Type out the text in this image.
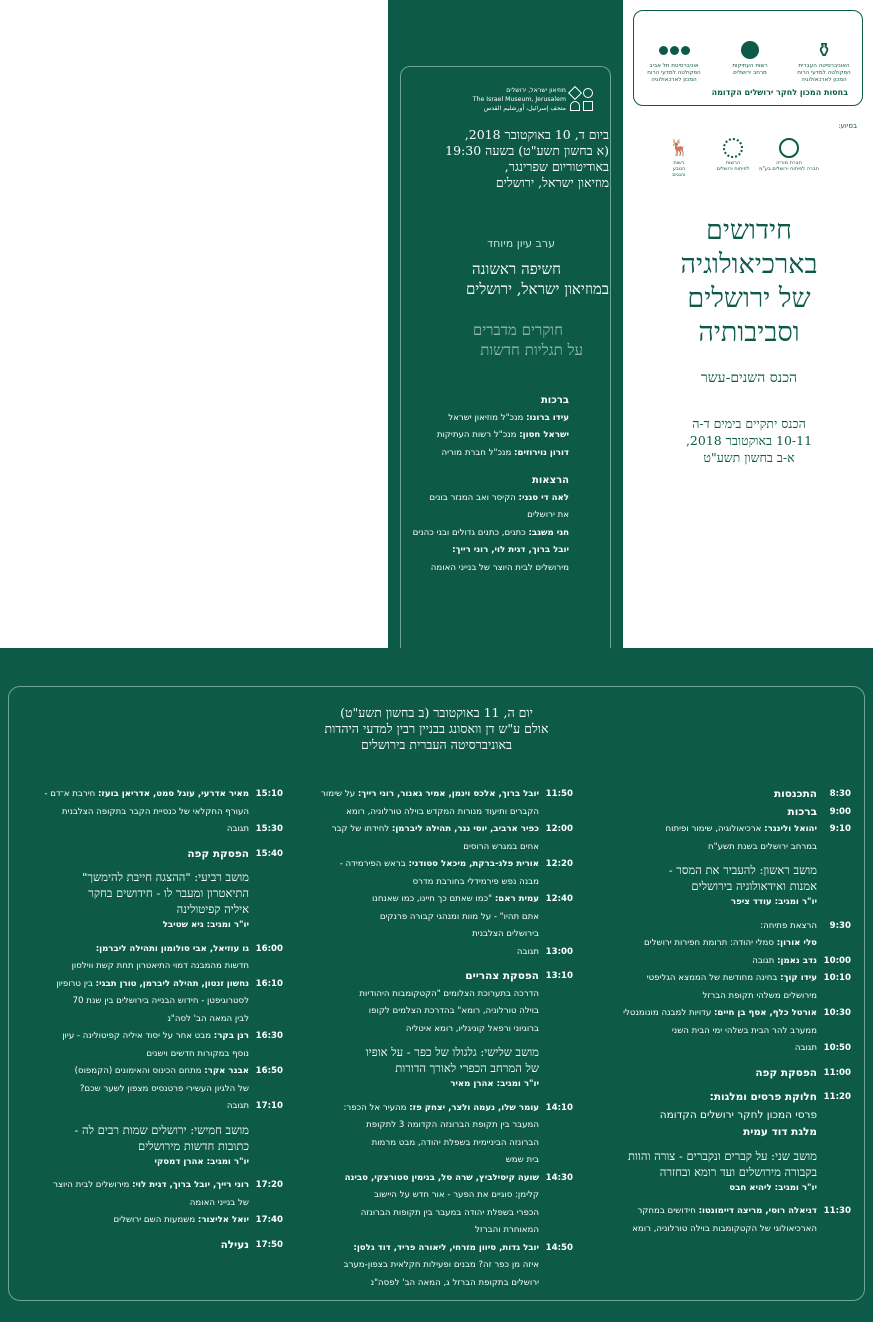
מוזיאון ישראל, ירושלים
The Israel Museum, Jerusalem
متحف إسرائيل، أورشليم القدس
ביום ד, 10 באוקטובר 2018,
(א בחשון תשע"ט) בשעה 19:30
באודיטוריום שפרינגר,
מוזיאון ישראל, ירושלים
ערב עיון מיוחד
חשיפה ראשונה
במוזיאון ישראל, ירושלים
חוקרים מדברים
על תגליות חדשות
ברכות
עידו ברונו: מנכ"ל מוזיאון ישראל
ישראל חסון: מנכ"ל רשות העתיקות
דורון נוירוזים: מנכ"ל חברת מוריה
הרצאות
לאה די סגני: הקיסר ואב המנזר בונים
את ירושלים
חגי משגב: כתנים, כתנים גדולים ובני כהנים
יובל ברוך, דגית לוי, רוני רייך:
מירושלים לבית היוצר של בנייני האומה
אוניברסיטת תל אביב
הפקולטה למדעי הרוח
המכון לארכאולוגיה
רשות העתיקות
מרחב ירושלים
⚱
האוניברסיטה העברית
הפקולטה למדעי הרוח
המכון לארכאולוגיה
בחסות המכון לחקר ירושלים הקדומה
בסיוע:
חברת מוריה
חברה לפיתוח ירושלים בע"מ
הרשות
לפיתוח ירושלים
🦌
רשות
הטבע
והגנים
חידושים
בארכיאולוגיה
של ירושלים
וסביבותיה
הכנס השנים-עשר
הכנס יתקיים בימים ד-ה
10-11 באוקטובר 2018,
א-ב בחשון תשע"ט
יום ה, 11 באוקטובר (ב בחשון תשע"ט)
אולם ע"ש דן וואסונג בבניין רבין למדעי היהדות
באוניברסיטה העברית בירושלים
8:30
התכנסות
9:00
ברכות
9:10
יהואל ולינגר: ארכיאולוגיה, שימור ופיתוח
במרחב ירושלים בשנת תשע"ח
מושב ראשון: להעביר את המסר -
אמנות ואידאולוגיה בירושלים
יו"ר ומגיב: עודד ציפר
9:30
הרצאת פתיחה:
סלי אורון: סמלי יהודה: תרומת חפירות ירושלים
10:00
נדב נאמן: תגובה
10:10
עידו קוך: בחינה מחודשת של הממצא הגליפטי
מירושלים משלהי תקופת הברזל
10:30
אורטל כלף, אסף בן חיים: עדויות למבנה מונומנטלי
ממערב להר הבית בשלהי ימי הבית השני
10:50
תגובה
11:00
הפסקת קפה
11:20
חלוקת פרסים ומלגות:
פרסי המכון לחקר ירושלים הקדומה
מלגת דוד עמית
מושב שני: על קברים ונקברים - צורה והוות
בקבורה מירושלים ועד רומא ובחזרה
יו"ר ומגיב: ליהיא חבס
11:30
דניאלה רוסי, מריצה דיימונטו: חידושים במחקר
הארכיאולוגי של הקטקומבות בוילה טורלוניה, רומא
11:50
יובל ברוך, אלכס וינמן, אמיר גאנור, רוני רייך: על שימור
הקברים ותיעוד מנורות המקדש בוילה טורלוניה, רומא
12:00
כפיר ארביב, יוסי נגר, תהילה ליברמן: לחידתו של קבר
אחים במגרש הרוסים
12:20
אורית פלג-ברקת, מיכאל סטודני: בראש הפירמידה -
מבנה נפש פירמידלי בחורבת מדרס
12:40
עמית ראם: "כמו שאתם כך חיינו, כמו שאנחנו
אתם תהיו" - על מוות ומנהגי קבורה פרנקים
בירושלים הצלבנית
13:00
תגובה
13:10
הפסקת צהריים
הדרכה בתערוכת הצלומים "הקטקומבות היהודיות
בוילה טורלוניה, רומא" בהדרכת הצלמים לקופו
ברוגיוני ורפאל קוניגליו, רומא איטליה
מושב שלישי: גלגולו של כפר - על אופיו
של המרחב הכפרי לאורך הדורות
יו"ר ומגיב: אהרן מאיר
14:10
עומר שלו, נעמה ולצר, יצחק פז: מהעיר אל הכפר:
המעבר בין תקופת הברונזה הקדומה 3 לתקופת
הברונזה הביניימית בשפלת יהודה, מבט מרמות
בית שמש
14:30
שועה קיסילביץ, שרה סל, בנימין סטורצקי, סבינה
קלימן: סוגיים את הפער - אור חדש על היישוב
הכפרי בשפלת יהודה במעבר בין תקופות הברונזה
המאוחרת והברזל
14:50
יובל גדות, סיוון מזרחי, ליאורה פריד, דוד גלסן:
איזה מן כפר זה? מבנים ופעילות חקלאית בצפון-מערב
ירושלים בתקופת הברזל ג, המאה הב' לפסה"נ
15:10
מאיר אדרעי, עוגל סמט, אדריאן בועז: חירבת א־דם -
העורף החקלאי של כנסיית הקבר בתקופה הצלבנית
15:30
תגובה
15:40
הפסקת קפה
מושב רביעי: "ההצגה חייבת להימשך"
התיאטרון ומעבר לו - חידושים בחקר
איליה קפיטולינה
יו"ר ומגיב: גיא שטיבל
16:00
גו עוזיאל, אבי סולומון ותהילה ליברמן:
חדשות מהמבנה דמוי התיאטרון תחת קשת ווילסון
16:10
נחשון זנטון, תהילה ליברמן, טורן תבגי: בין טרופיון
לסטרוגיפטן - חידוש הבנייה בירושלים בין שנת 70
לבין המאה הב' לסה"נ
16:30
רנן בקר: מבט אחר על יסוד איליה קפיטולינה - עיון
נוסף במקורות חדשים וישנים
16:50
אבנר אקר: מתחם הכינוס והאימונים (הקמפוס)
של הלגיון העשירי פרטנסיס מצפון לשער שכם?
17:10
תגובה
מושב חמישי: ירושלים שמות רבים לה -
כתובות חדשות מירושלים
יו"ר ומגיב: אהרן דמסקי
17:20
רוני רייך, יובל ברוך, דגית לוי: מירושלים לבית היוצר
של בנייני האומה
17:40
יואל אליצור: משמעות השם ירושלים
17:50
נעילה
